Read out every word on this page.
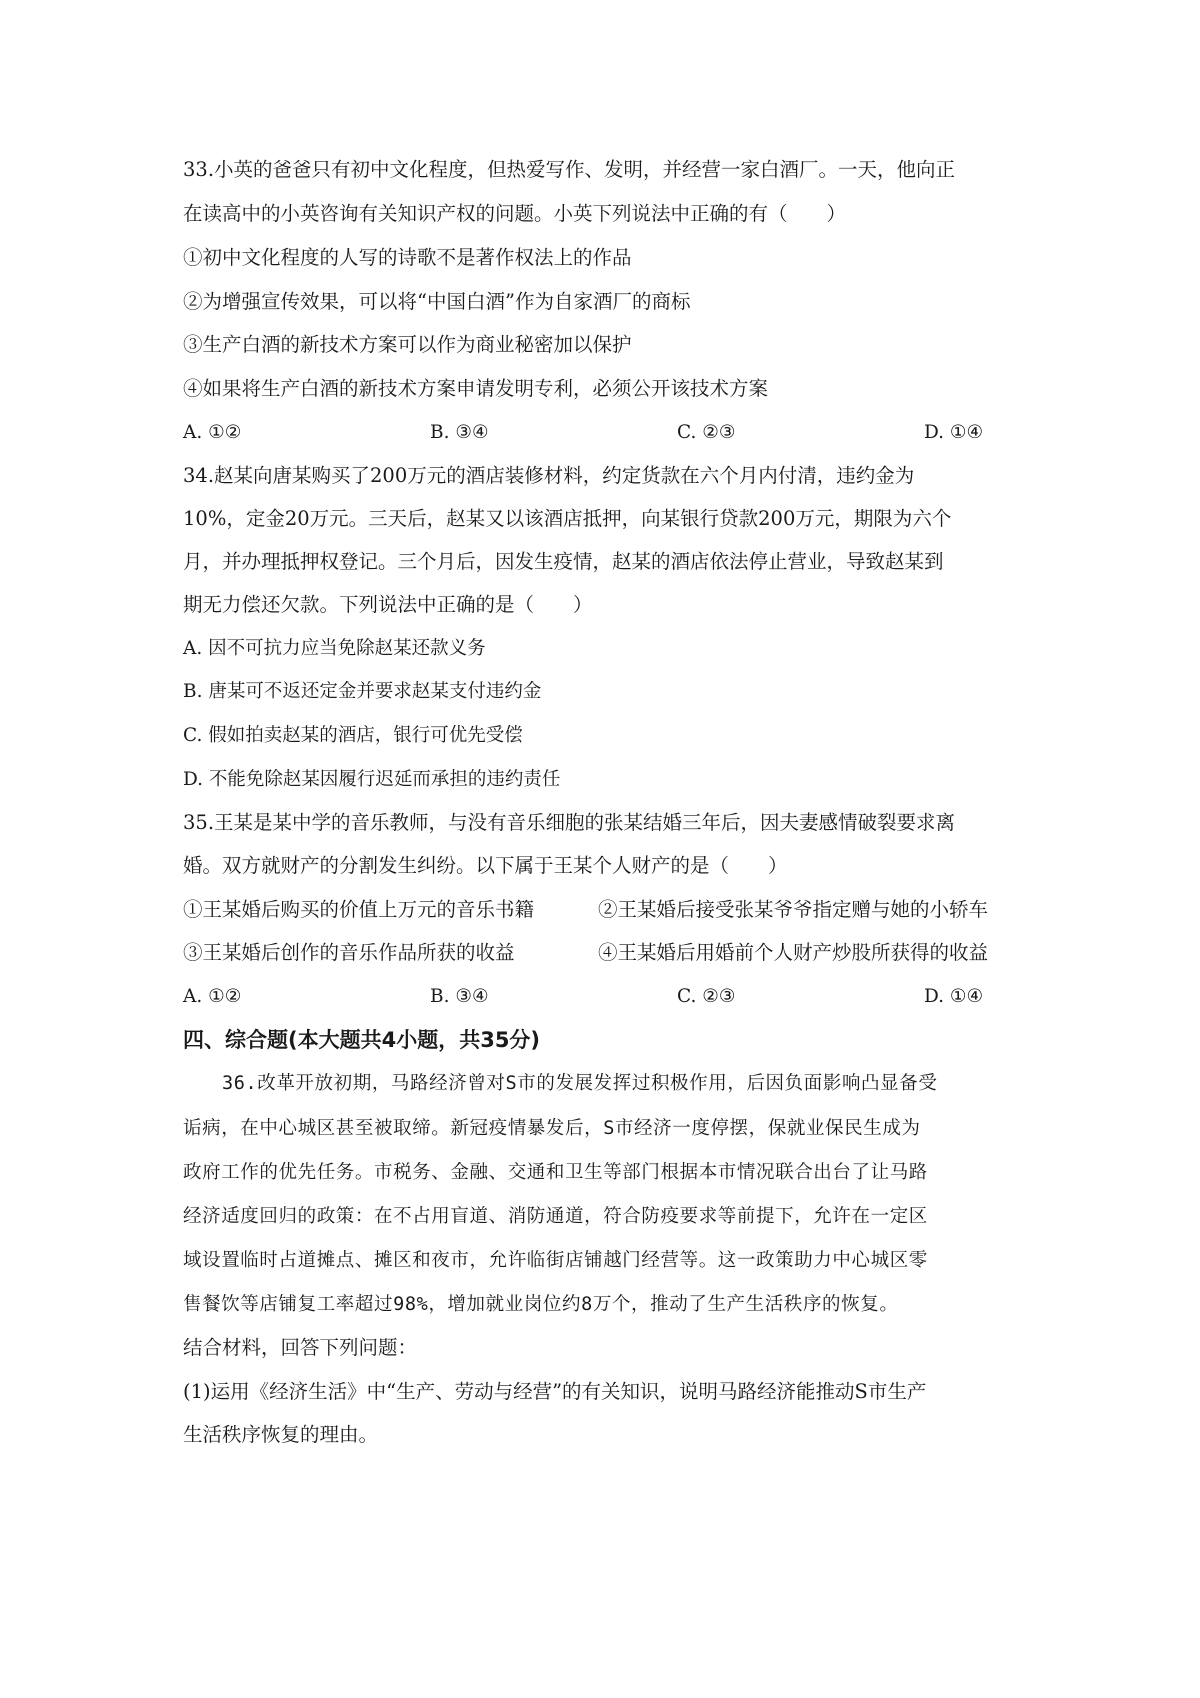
33.小英的爸爸只有初中文化程度，但热爱写作、发明，并经营一家白酒厂。一天，他向正
在读高中的小英咨询有关知识产权的问题。小英下列说法中正确的有（　　）
①初中文化程度的人写的诗歌不是著作权法上的作品
②为增强宣传效果，可以将“中国白酒”作为自家酒厂的商标
③生产白酒的新技术方案可以作为商业秘密加以保护
④如果将生产白酒的新技术方案申请发明专利，必须公开该技术方案
A. ①②	B. ③④	C. ②③	D. ①④
34.赵某向唐某购买了200万元的酒店装修材料，约定货款在六个月内付清，违约金为
10%，定金20万元。三天后，赵某又以该酒店抵押，向某银行贷款200万元，期限为六个
月，并办理抵押权登记。三个月后，因发生疫情，赵某的酒店依法停止营业，导致赵某到
期无力偿还欠款。下列说法中正确的是（　　）
A. 因不可抗力应当免除赵某还款义务
B. 唐某可不返还定金并要求赵某支付违约金
C. 假如拍卖赵某的酒店，银行可优先受偿
D. 不能免除赵某因履行迟延而承担的违约责任
35.王某是某中学的音乐教师，与没有音乐细胞的张某结婚三年后，因夫妻感情破裂要求离
婚。双方就财产的分割发生纠纷。以下属于王某个人财产的是（　　）
①王某婚后购买的价值上万元的音乐书籍	②王某婚后接受张某爷爷指定赠与她的小轿车
③王某婚后创作的音乐作品所获的收益	④王某婚后用婚前个人财产炒股所获得的收益
A. ①②	B. ③④	C. ②③	D. ①④
四、综合题(本大题共4小题，共35分)
36.改革开放初期，马路经济曾对S市的发展发挥过积极作用，后因负面影响凸显备受
诟病，在中心城区甚至被取缔。新冠疫情暴发后，S市经济一度停摆，保就业保民生成为
政府工作的优先任务。市税务、金融、交通和卫生等部门根据本市情况联合出台了让马路
经济适度回归的政策：在不占用盲道、消防通道，符合防疫要求等前提下，允许在一定区
域设置临时占道摊点、摊区和夜市，允许临街店铺越门经营等。这一政策助力中心城区零
售餐饮等店铺复工率超过98%，增加就业岗位约8万个，推动了生产生活秩序的恢复。
结合材料，回答下列问题：
(1)运用《经济生活》中“生产、劳动与经营”的有关知识，说明马路经济能推动S市生产
生活秩序恢复的理由。
